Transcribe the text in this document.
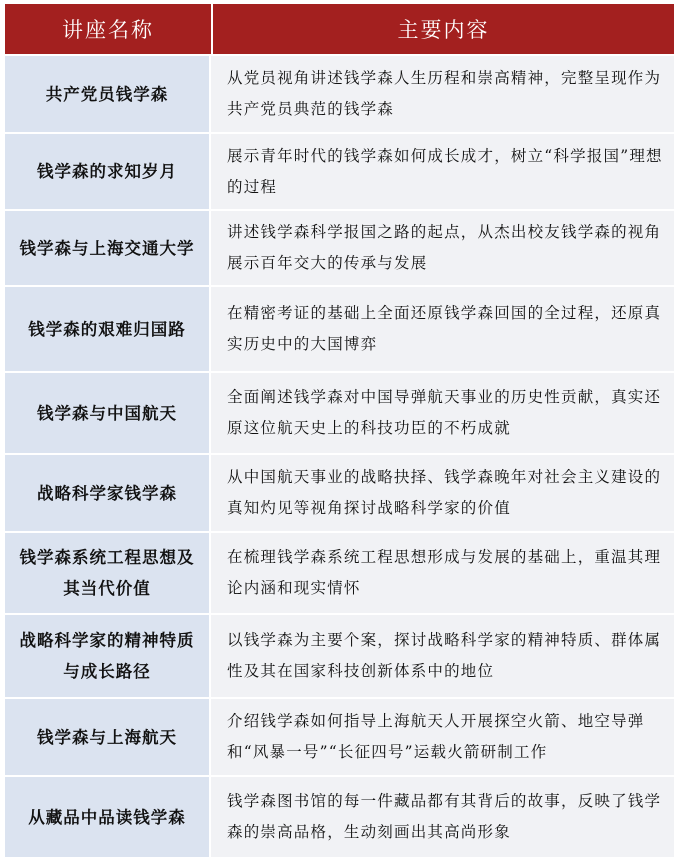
讲座名称	主要内容
共产党员钱学森
从党员视角讲述钱学森人生历程和崇高精神，完整呈现作为共产党员典范的钱学森
钱学森的求知岁月
展示青年时代的钱学森如何成长成才，树立“科学报国”理想的过程
钱学森与上海交通大学
讲述钱学森科学报国之路的起点，从杰出校友钱学森的视角展示百年交大的传承与发展
钱学森的艰难归国路
在精密考证的基础上全面还原钱学森回国的全过程，还原真实历史中的大国博弈
钱学森与中国航天
全面阐述钱学森对中国导弹航天事业的历史性贡献，真实还原这位航天史上的科技功臣的不朽成就
战略科学家钱学森
从中国航天事业的战略抉择、钱学森晚年对社会主义建设的真知灼见等视角探讨战略科学家的价值
钱学森系统工程思想及其当代价值
在梳理钱学森系统工程思想形成与发展的基础上，重温其理论内涵和现实情怀
战略科学家的精神特质与成长路径
以钱学森为主要个案，探讨战略科学家的精神特质、群体属性及其在国家科技创新体系中的地位
钱学森与上海航天
介绍钱学森如何指导上海航天人开展探空火箭、地空导弹和“风暴一号”“长征四号”运载火箭研制工作
从藏品中品读钱学森
钱学森图书馆的每一件藏品都有其背后的故事，反映了钱学森的崇高品格，生动刻画出其高尚形象
